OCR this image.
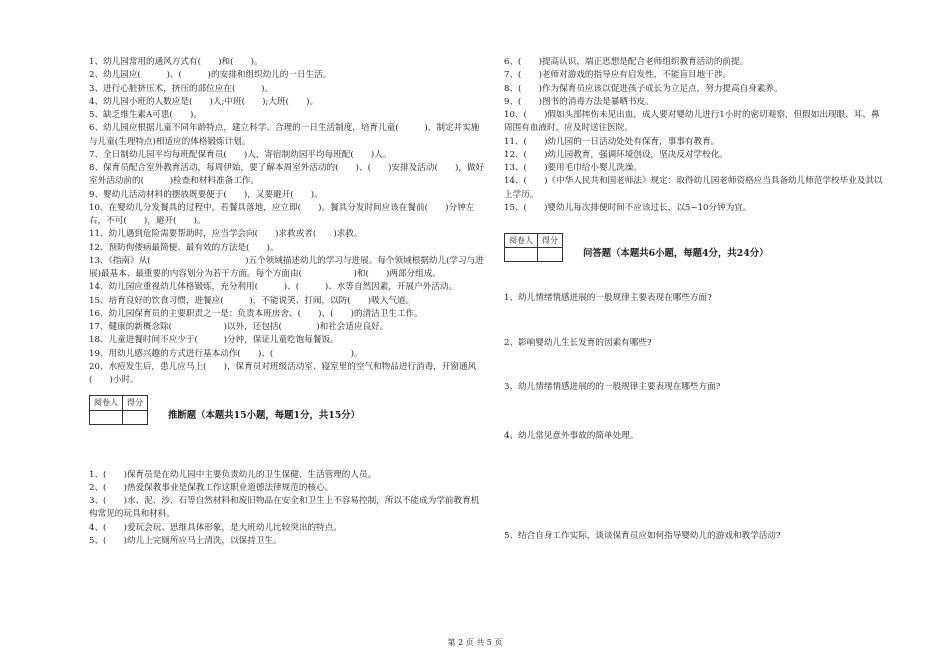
1、幼儿园常用的通风方式有(　　)和(　　)。
2、幼儿园应(　　　)、(　　　)的安排和组织幼儿的一日生活。
3、进行心脏挤压术，挤压的部位应在(　　　)。
4、幼儿园小班的人数应是(　　)人;中班(　　);大班(　　)。
5、缺乏维生素A可患(　　)。
6、幼儿园应根据儿童不同年龄特点，建立科学、合理的一日生活制度，培育儿童(　　　)，制定并实施与儿童(生理特点)相适应的体格锻炼计划。
7、全日制幼儿园平均每班配保育员(　　)人，寄宿制幼园平均每班配(　　)人。
8、保育员配合室外教育活动，每周伊始，要了解本周室外活动的(　　)、(　　)安排及活动(　　)，做好室外活动前的(　　　)检查和材料准备工作。
9、婴幼儿活动材料的摆放既要便于(　　)，又要避开(　　)。
10、在婴幼儿分发餐具的过程中，若餐具落地，应立即(　　)。餐具分发时间应该在餐前(　　)分钟左右，不可(　　)，避开(　　)。
11、幼儿遇到危险需要帮助时，应当学会向(　　)求救或者(　　)求救。
12、预防佝偻病最简便、最有效的方法是(　　)。
13、《指南》从(　　　　　　　　　　　)五个领域描述幼儿的学习与进展。每个领域根据幼儿(学习与进展)最基本、最重要的内容划分为若干方面。每个方面由(　　　　　　)和(　　)两部分组成。
14、幼儿园应重视幼儿体格锻炼，充分利用(　　　)、(　　　)、水等自然因素，开展户外活动。
15、培育良好的饮食习惯，进餐应(　　　)，不能说笑、打闹，以防(　　)吸入气道。
16、幼儿园保育员的主要职责之一是：负责本班房舍、(　　)、(　　)的清洁卫生工作。
17、健康的新概念除(　　　　　　)以外，还包括(　　　　)和社会适应良好。
18、儿童进餐时间不应少于(　　　)分钟，保证儿童吃饱每餐饭。
19、用幼儿感兴趣的方式进行基本动作(　　)、(　　　　　　　　　)。
20、水痘发生后，患儿应马上(　　)，保育员对班级活动室、寝室里的空气和物品进行消毒，开窗通风(　　)小时。
阅卷人	得分

推断题（本题共15小题，每题1分，共15分）
1、(　　)保育员是在幼儿园中主要负责幼儿的卫生保健、生活管理的人员。
2、(　　)热爱保教事业是保教工作这职业道德法律规范的核心。
3、(　　)水、泥、沙、石等自然材料和废旧物品在安全和卫生上不容易控制，所以不能成为学前教育机构常见的玩具和材料。
4、(　　)爱玩会玩、思维具体形象，是大班幼儿比较突出的特点。
5、(　　)幼儿上完厕所应马上清洗，以保持卫生。
6、(　　)提高认识，端正思想是配合老师组织教育活动的前提。
7、(　　)老师对游戏的指导应有启发性，不能盲目地干涉。
8、(　　)作为保育员应该以促进孩子成长为立足点，努力提高自身素养。
9、(　　)图书的消毒方法是暴晒书皮。
10、(　　)假如头部摔伤未见出血，成人要对婴幼儿进行1小时的密切观察，但假如出现眼、耳、鼻周围有血液时，应及时送往医院。
11、(　　)幼儿园的一日活动处处有保育，事事有教育。
12、(　　)幼儿园教育，强调环境创设，坚决反对学校化。
13、(　　)要用毛巾给小婴儿洗澡。
14、(　　)《中华人民共和国老师法》规定：取得幼儿园老师资格应当具备幼儿师范学校毕业及其以上学历。
15、(　　)婴幼儿每次排便时间不应该过长，以5~10分钟为宜。
阅卷人	得分

问答题（本题共6小题，每题4分，共24分）
1、幼儿情绪情感进展的一般规律主要表现在哪些方面?
2、影响婴幼儿生长发育的因素有哪些?
3、幼儿情绪情感进展的的一般规律主要表现在哪些方面?
4、幼儿常见意外事故的简单处理。
5、结合自身工作实际，谈谈保育员应如何指导婴幼儿的游戏和教学活动?
第 2 页 共 5 页
